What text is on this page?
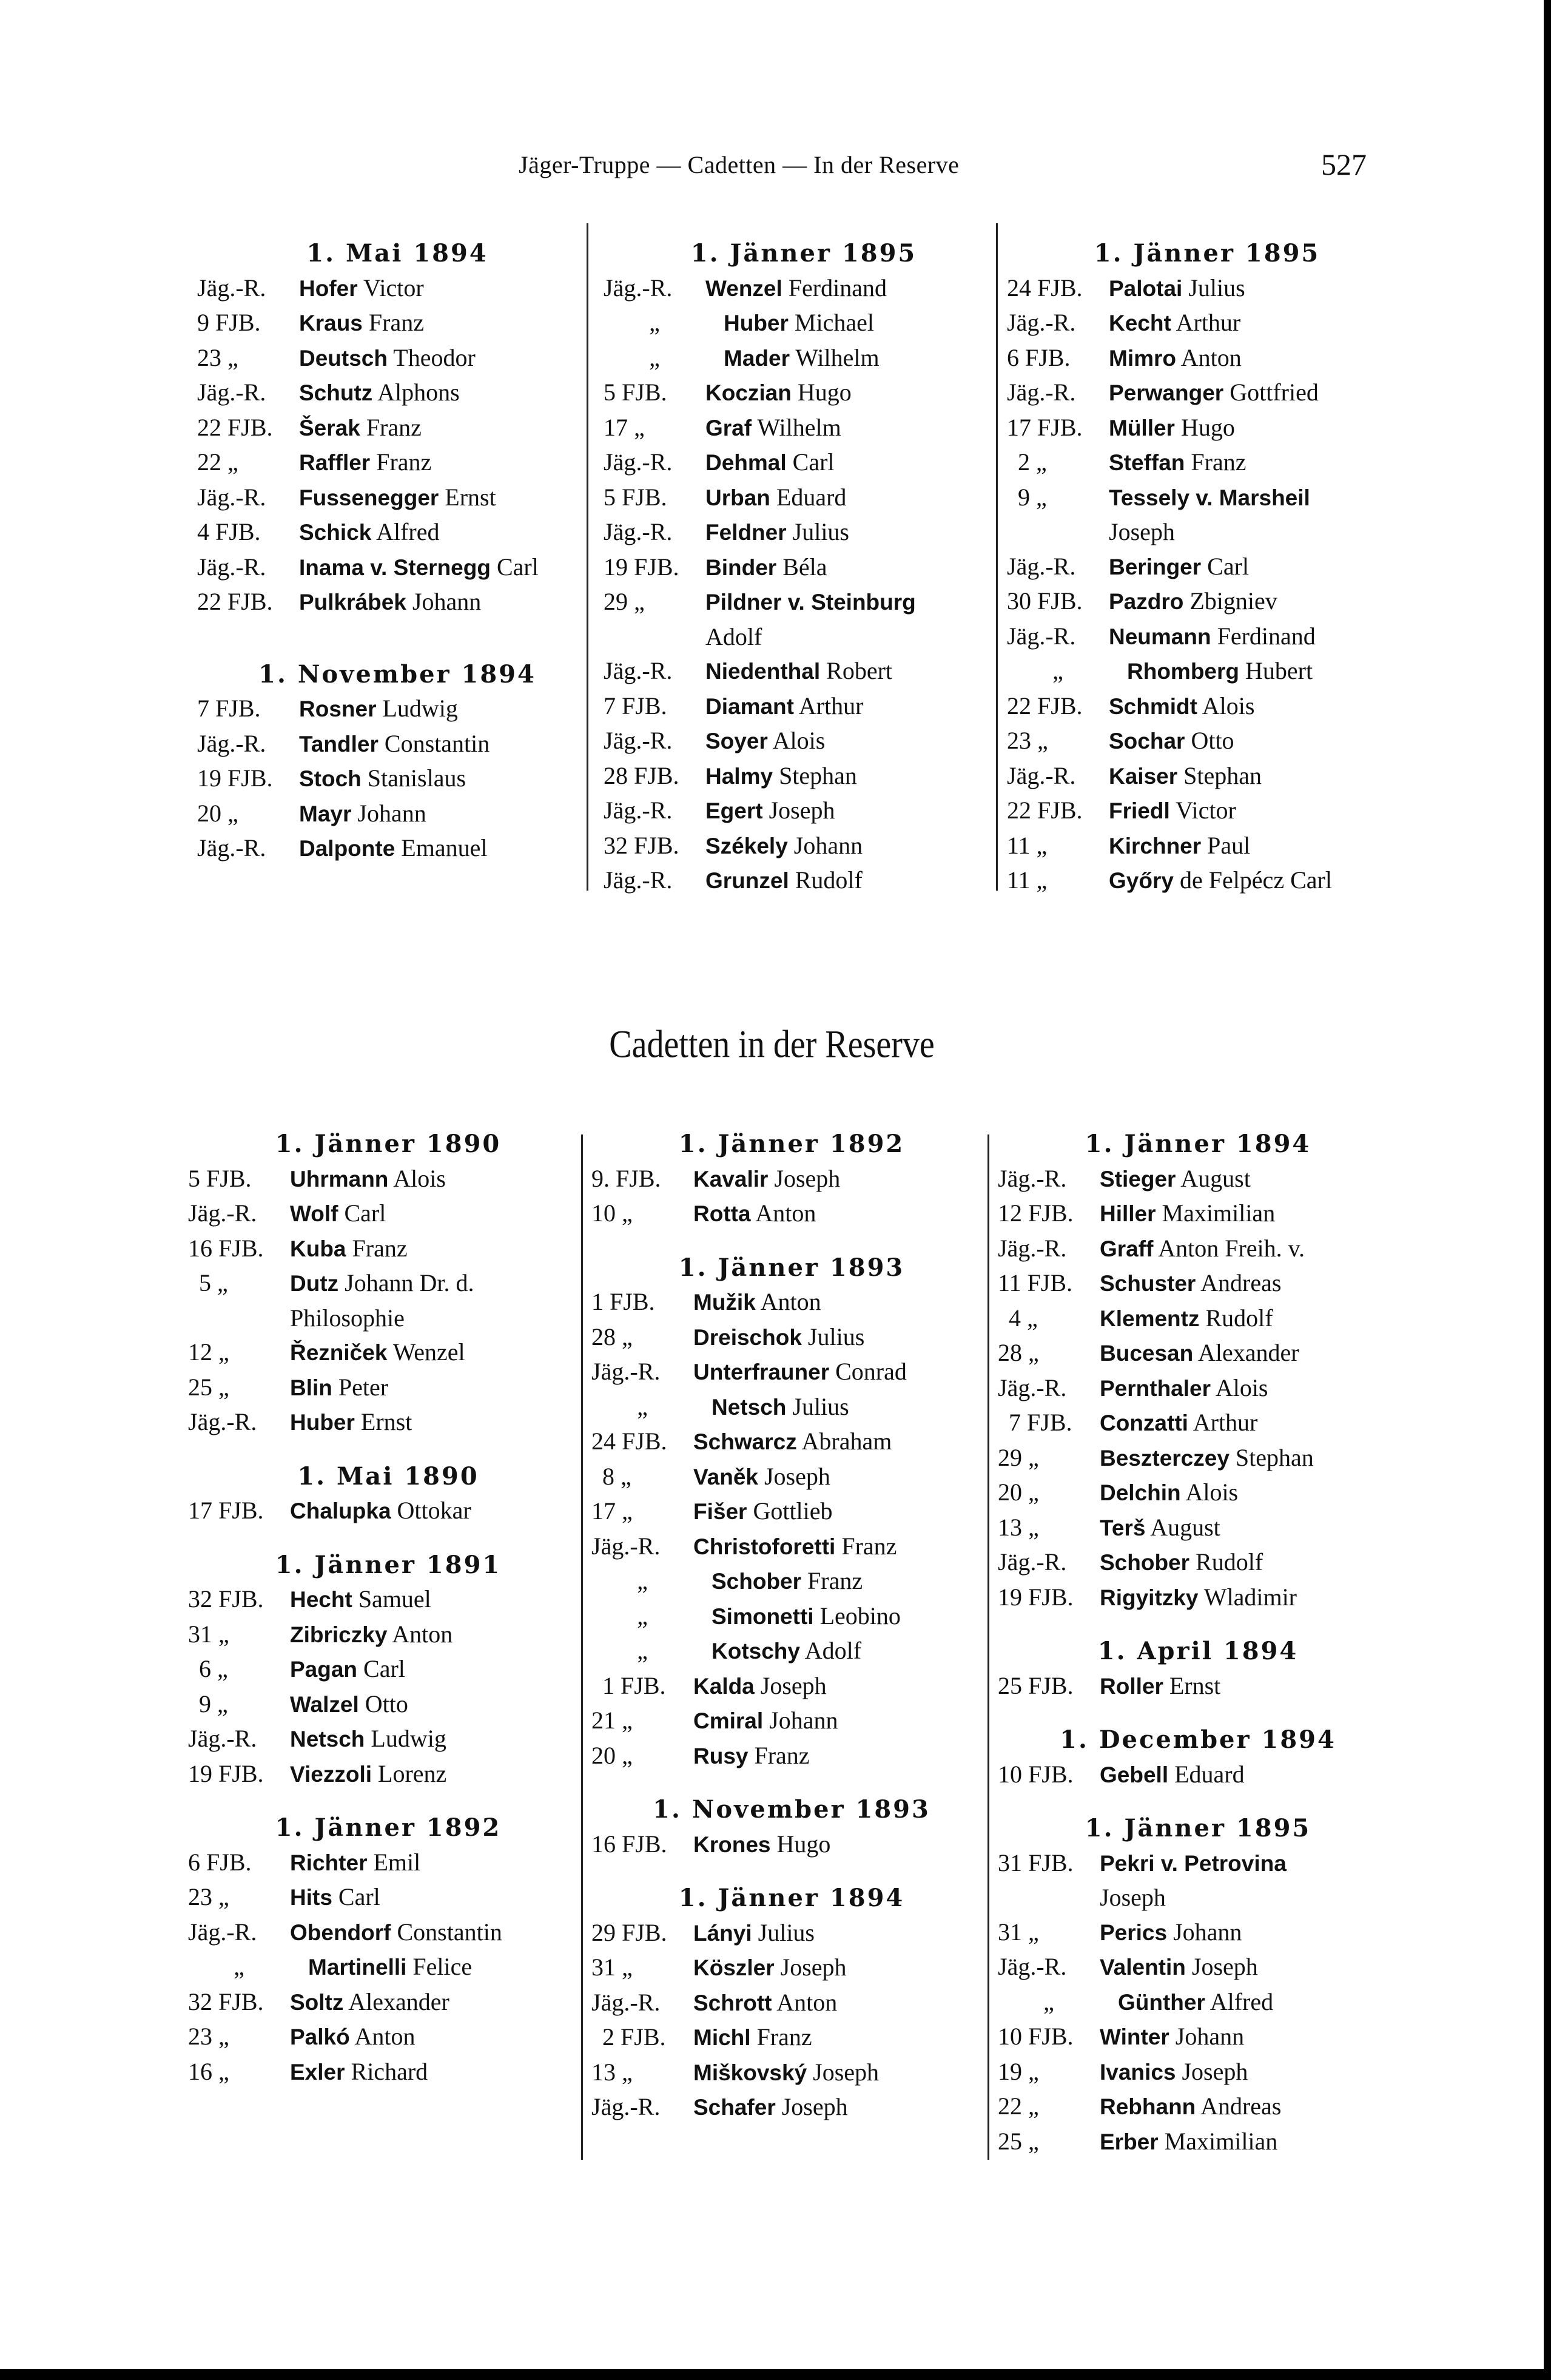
Jäger-Truppe — Cadetten — In der Reserve	527
1. Mai 1894
Jäg.-R.	Hofer Victor
9 FJB.	Kraus Franz
23 „	Deutsch Theodor
Jäg.-R.	Schutz Alphons
22 FJB.	Šerak Franz
22 „	Raffler Franz
Jäg.-R.	Fussenegger Ernst
4 FJB.	Schick Alfred
Jäg.-R.	Inama v. Sternegg Carl
22 FJB.	Pulkrábek Johann
1. November 1894
7 FJB.	Rosner Ludwig
Jäg.-R.	Tandler Constantin
19 FJB.	Stoch Stanislaus
20 „	Mayr Johann
Jäg.-R.	Dalponte Emanuel
1. Jänner 1895
Jäg.-R.	Wenzel Ferdinand
„	Huber Michael
„	Mader Wilhelm
5 FJB.	Koczian Hugo
17 „	Graf Wilhelm
Jäg.-R.	Dehmal Carl
5 FJB.	Urban Eduard
Jäg.-R.	Feldner Julius
19 FJB.	Binder Béla
29 „	Pildner v. Steinburg
Adolf
Jäg.-R.	Niedenthal Robert
7 FJB.	Diamant Arthur
Jäg.-R.	Soyer Alois
28 FJB.	Halmy Stephan
Jäg.-R.	Egert Joseph
32 FJB.	Székely Johann
Jäg.-R.	Grunzel Rudolf
1. Jänner 1895
24 FJB.	Palotai Julius
Jäg.-R.	Kecht Arthur
6 FJB.	Mimro Anton
Jäg.-R.	Perwanger Gottfried
17 FJB.	Müller Hugo
2 „	Steffan Franz
9 „	Tessely v. Marsheil
Joseph
Jäg.-R.	Beringer Carl
30 FJB.	Pazdro Zbigniev
Jäg.-R.	Neumann Ferdinand
„	Rhomberg Hubert
22 FJB.	Schmidt Alois
23 „	Sochar Otto
Jäg.-R.	Kaiser Stephan
22 FJB.	Friedl Victor
11 „	Kirchner Paul
11 „	Győry de Felpécz Carl
Cadetten in der Reserve
1. Jänner 1890
5 FJB.	Uhrmann Alois
Jäg.-R.	Wolf Carl
16 FJB.	Kuba Franz
5 „	Dutz Johann Dr. d.
Philosophie
12 „	Řezniček Wenzel
25 „	Blin Peter
Jäg.-R.	Huber Ernst
1. Mai 1890
17 FJB.	Chalupka Ottokar
1. Jänner 1891
32 FJB.	Hecht Samuel
31 „	Zibriczky Anton
6 „	Pagan Carl
9 „	Walzel Otto
Jäg.-R.	Netsch Ludwig
19 FJB.	Viezzoli Lorenz
1. Jänner 1892
6 FJB.	Richter Emil
23 „	Hits Carl
Jäg.-R.	Obendorf Constantin
„	Martinelli Felice
32 FJB.	Soltz Alexander
23 „	Palkó Anton
16 „	Exler Richard
1. Jänner 1892
9. FJB.	Kavalir Joseph
10 „	Rotta Anton
1. Jänner 1893
1 FJB.	Mužik Anton
28 „	Dreischok Julius
Jäg.-R.	Unterfrauner Conrad
„	Netsch Julius
24 FJB.	Schwarcz Abraham
8 „	Vaněk Joseph
17 „	Fišer Gottlieb
Jäg.-R.	Christoforetti Franz
„	Schober Franz
„	Simonetti Leobino
„	Kotschy Adolf
1 FJB.	Kalda Joseph
21 „	Cmiral Johann
20 „	Rusy Franz
1. November 1893
16 FJB.	Krones Hugo
1. Jänner 1894
29 FJB.	Lányi Julius
31 „	Köszler Joseph
Jäg.-R.	Schrott Anton
2 FJB.	Michl Franz
13 „	Miškovský Joseph
Jäg.-R.	Schafer Joseph
1. Jänner 1894
Jäg.-R.	Stieger August
12 FJB.	Hiller Maximilian
Jäg.-R.	Graff Anton Freih. v.
11 FJB.	Schuster Andreas
4 „	Klementz Rudolf
28 „	Bucesan Alexander
Jäg.-R.	Pernthaler Alois
7 FJB.	Conzatti Arthur
29 „	Beszterczey Stephan
20 „	Delchin Alois
13 „	Terš August
Jäg.-R.	Schober Rudolf
19 FJB.	Rigyitzky Wladimir
1. April 1894
25 FJB.	Roller Ernst
1. December 1894
10 FJB.	Gebell Eduard
1. Jänner 1895
31 FJB.	Pekri v. Petrovina
Joseph
31 „	Perics Johann
Jäg.-R.	Valentin Joseph
„	Günther Alfred
10 FJB.	Winter Johann
19 „	Ivanics Joseph
22 „	Rebhann Andreas
25 „	Erber Maximilian
